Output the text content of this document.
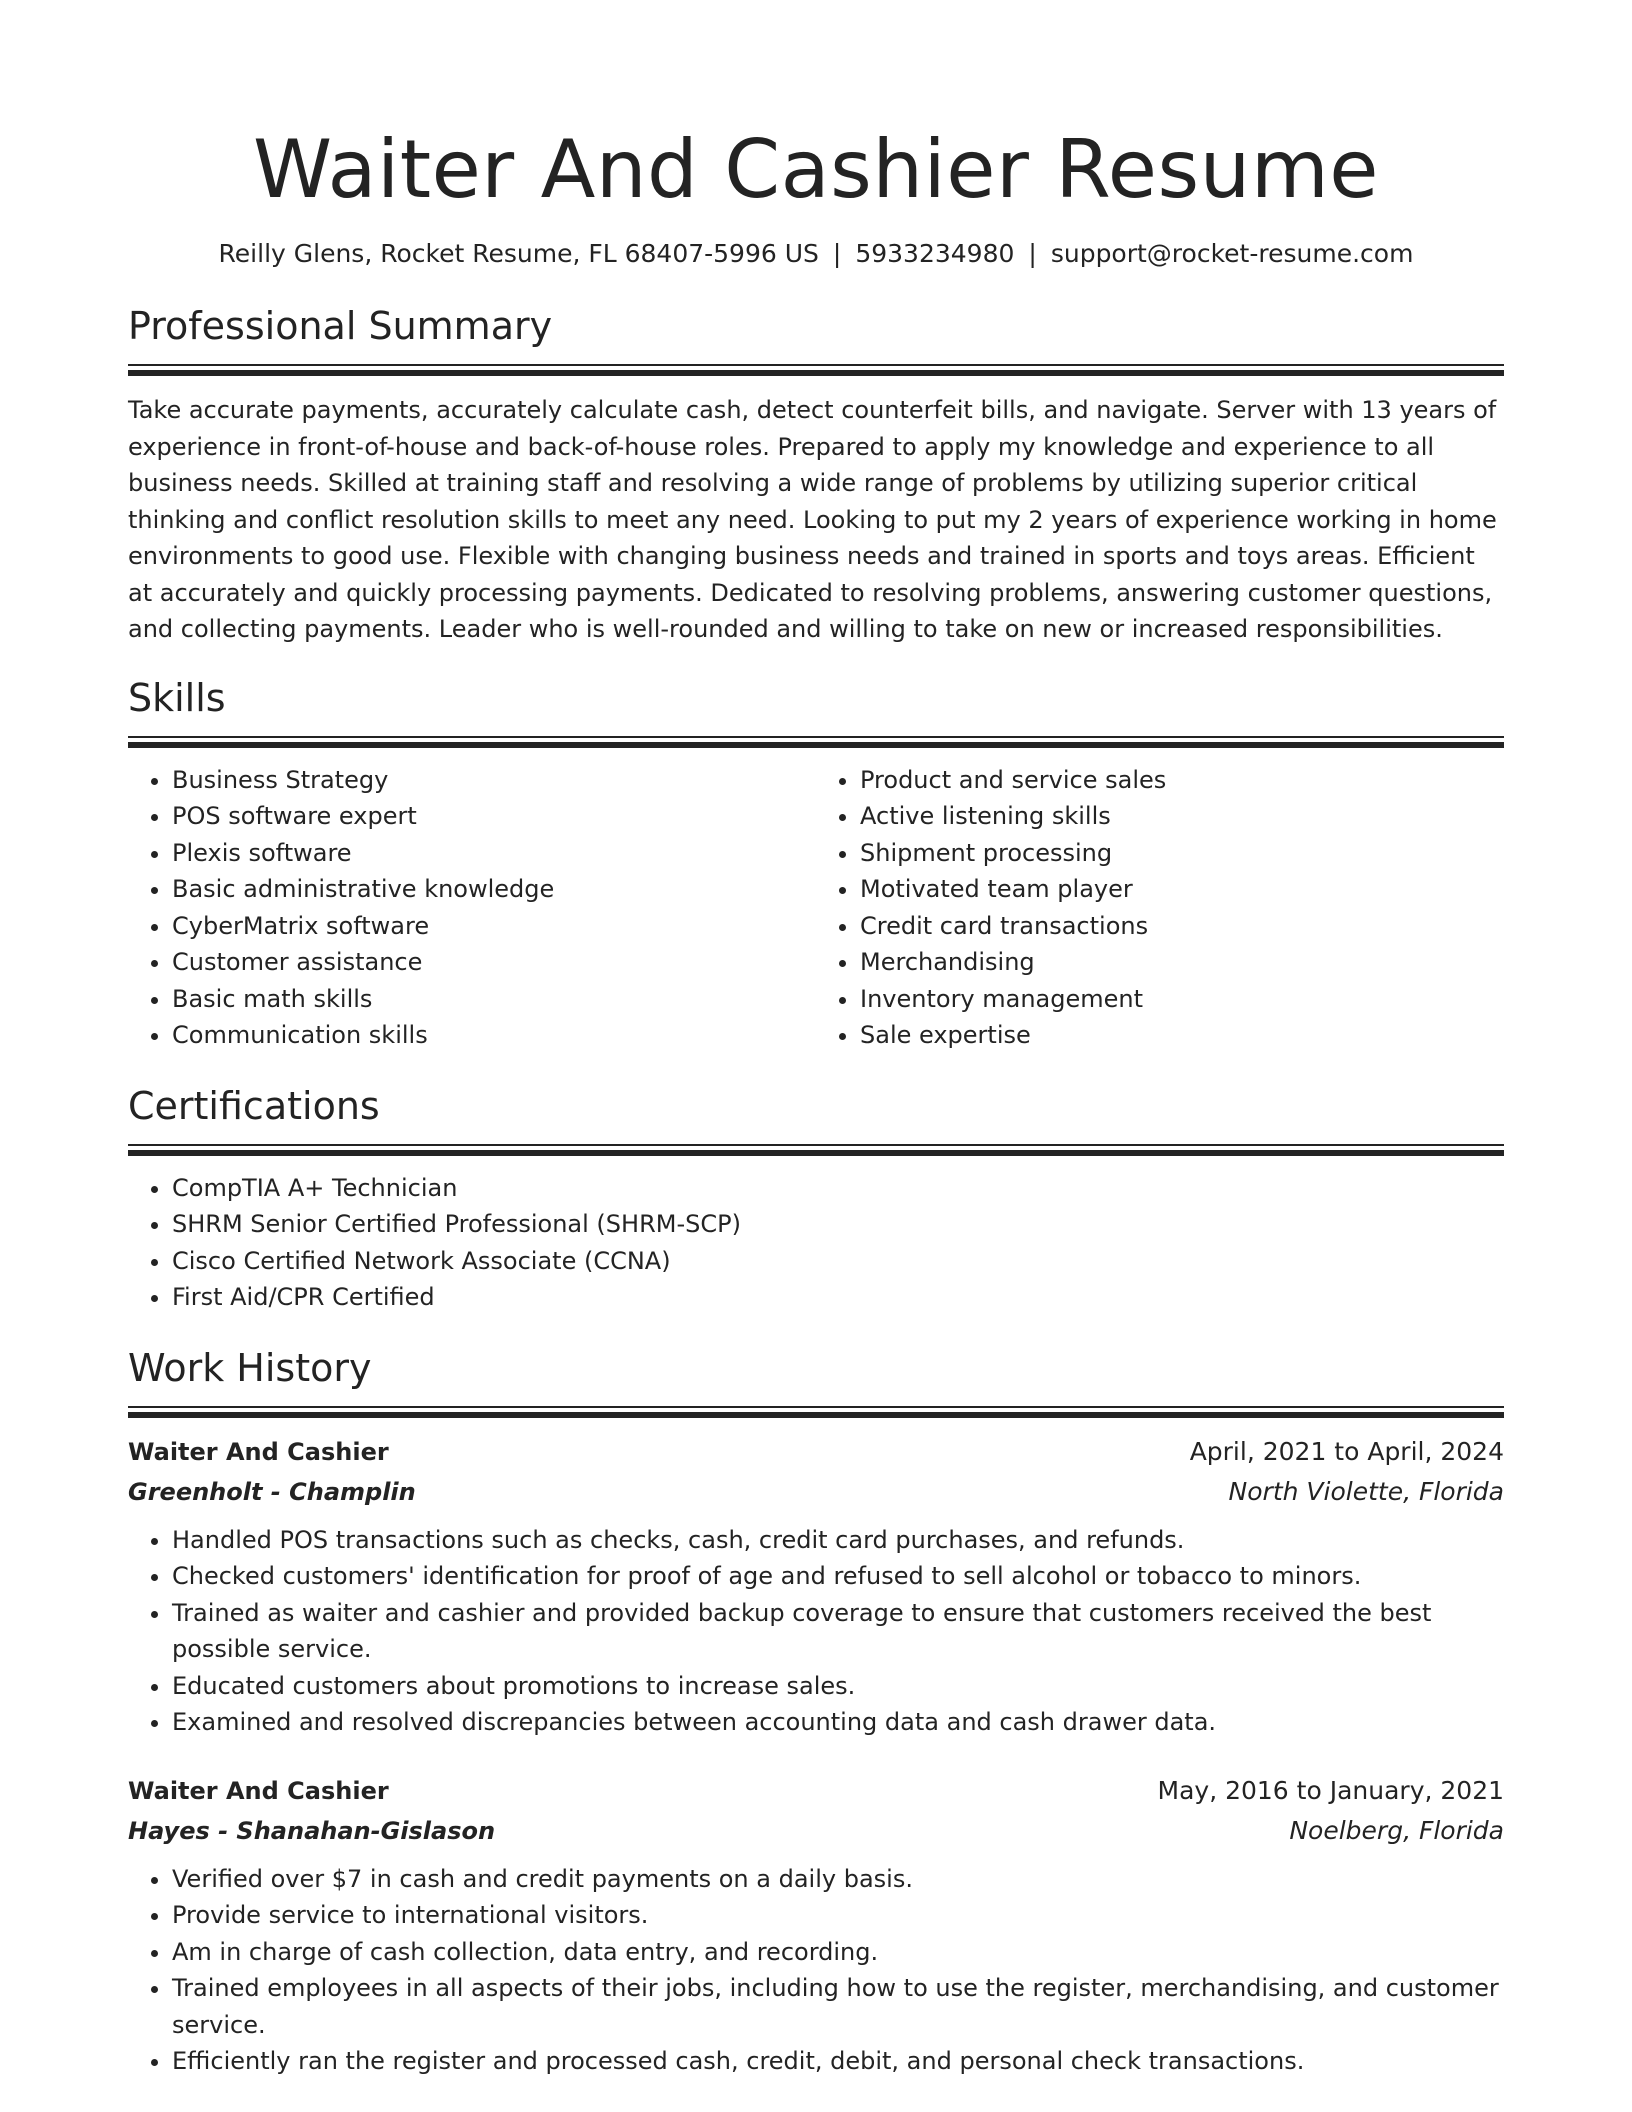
Waiter And Cashier Resume
Reilly Glens, Rocket Resume, FL 68407-5996 US | 5933234980 | support@rocket-resume.com
Professional Summary
Take accurate payments, accurately calculate cash, detect counterfeit bills, and navigate. Server with 13 years of experience in front-of-house and back-of-house roles. Prepared to apply my knowledge and experience to all business needs. Skilled at training staff and resolving a wide range of problems by utilizing superior critical thinking and conflict resolution skills to meet any need. Looking to put my 2 years of experience working in home environments to good use. Flexible with changing business needs and trained in sports and toys areas. Efficient at accurately and quickly processing payments. Dedicated to resolving problems, answering customer questions, and collecting payments. Leader who is well-rounded and willing to take on new or increased responsibilities.
Skills
• Business Strategy
• POS software expert
• Plexis software
• Basic administrative knowledge
• CyberMatrix software
• Customer assistance
• Basic math skills
• Communication skills
• Product and service sales
• Active listening skills
• Shipment processing
• Motivated team player
• Credit card transactions
• Merchandising
• Inventory management
• Sale expertise
Certifications
• CompTIA A+ Technician
• SHRM Senior Certified Professional (SHRM-SCP)
• Cisco Certified Network Associate (CCNA)
• First Aid/CPR Certified
Work History
Waiter And Cashier	April, 2021 to April, 2024
Greenholt - Champlin	North Violette, Florida
• Handled POS transactions such as checks, cash, credit card purchases, and refunds.
• Checked customers' identification for proof of age and refused to sell alcohol or tobacco to minors.
• Trained as waiter and cashier and provided backup coverage to ensure that customers received the best possible service.
• Educated customers about promotions to increase sales.
• Examined and resolved discrepancies between accounting data and cash drawer data.
Waiter And Cashier	May, 2016 to January, 2021
Hayes - Shanahan-Gislason	Noelberg, Florida
• Verified over $7 in cash and credit payments on a daily basis.
• Provide service to international visitors.
• Am in charge of cash collection, data entry, and recording.
• Trained employees in all aspects of their jobs, including how to use the register, merchandising, and customer service.
• Efficiently ran the register and processed cash, credit, debit, and personal check transactions.
